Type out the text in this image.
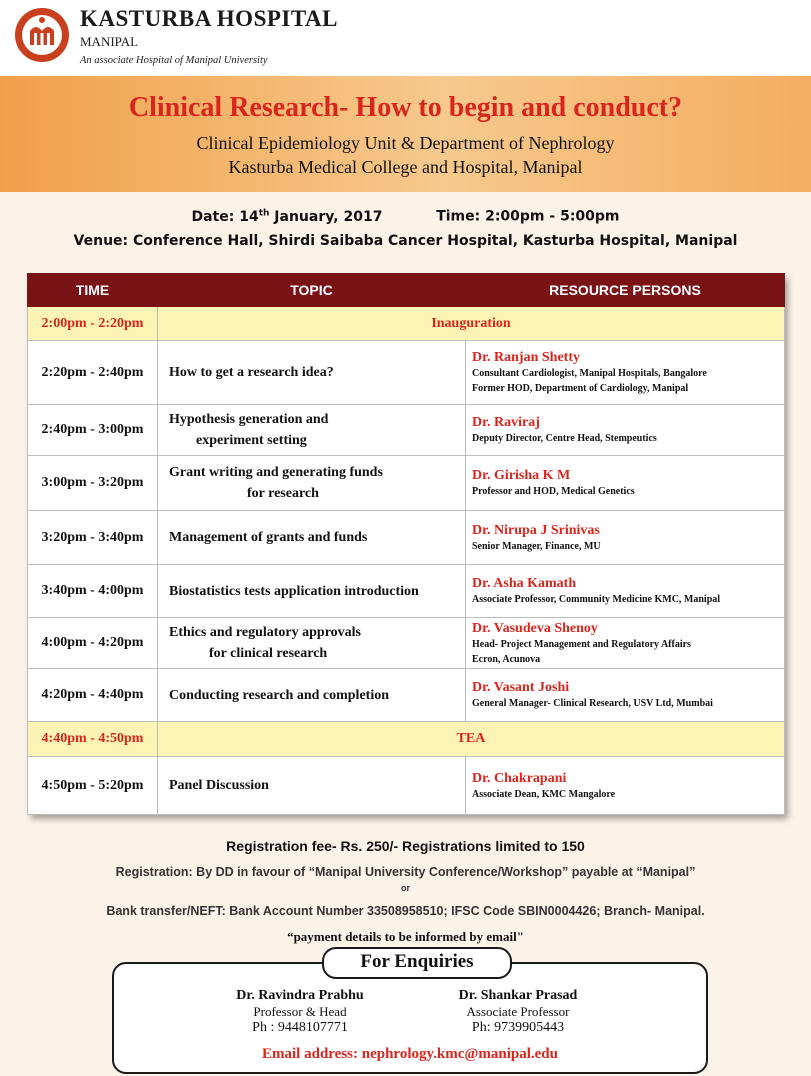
KASTURBA HOSPITAL
MANIPAL
An associate Hospital of Manipal University
Clinical Research- How to begin and conduct?
Clinical Epidemiology Unit & Department of Nephrology
Kasturba Medical College and Hospital, Manipal
Date: 14th January, 2017	Time: 2:00pm - 5:00pm
Venue: Conference Hall, Shirdi Saibaba Cancer Hospital, Kasturba Hospital, Manipal
TIME	TOPIC	RESOURCE PERSONS
2:00pm - 2:20pm	Inauguration	
2:20pm - 2:40pm	How to get a research idea?	Dr. Ranjan Shetty
Consultant Cardiologist, Manipal Hospitals, Bangalore
Former HOD, Department of Cardiology, Manipal

2:40pm - 3:00pm	Hypothesis generation and
experiment setting	Dr. Raviraj
Deputy Director, Centre Head, Stempeutics

3:00pm - 3:20pm	Grant writing and generating funds
for research	Dr. Girisha K M
Professor and HOD, Medical Genetics

3:20pm - 3:40pm	Management of grants and funds	Dr. Nirupa J Srinivas
Senior Manager, Finance, MU

3:40pm - 4:00pm	Biostatistics tests application introduction	Dr. Asha Kamath
Associate Professor, Community Medicine KMC, Manipal

4:00pm - 4:20pm	Ethics and regulatory approvals
for clinical research	Dr. Vasudeva Shenoy
Head- Project Management and Regulatory Affairs
Ecron, Acunova

4:20pm - 4:40pm	Conducting research and completion	Dr. Vasant Joshi
General Manager- Clinical Research, USV Ltd, Mumbai

4:40pm - 4:50pm	TEA	
4:50pm - 5:20pm	Panel Discussion	Dr. Chakrapani
Associate Dean, KMC Mangalore
Registration fee- Rs. 250/- Registrations limited to 150
Registration: By DD in favour of “Manipal University Conference/Workshop” payable at “Manipal”
or
Bank transfer/NEFT: Bank Account Number 33508958510; IFSC Code SBIN0004426; Branch- Manipal.
“payment details to be informed by email"
For Enquiries
Dr. Ravindra Prabhu
Professor & Head
Ph : 9448107771
Dr. Shankar Prasad
Associate Professor
Ph: 9739905443
Email address: nephrology.kmc@manipal.edu
